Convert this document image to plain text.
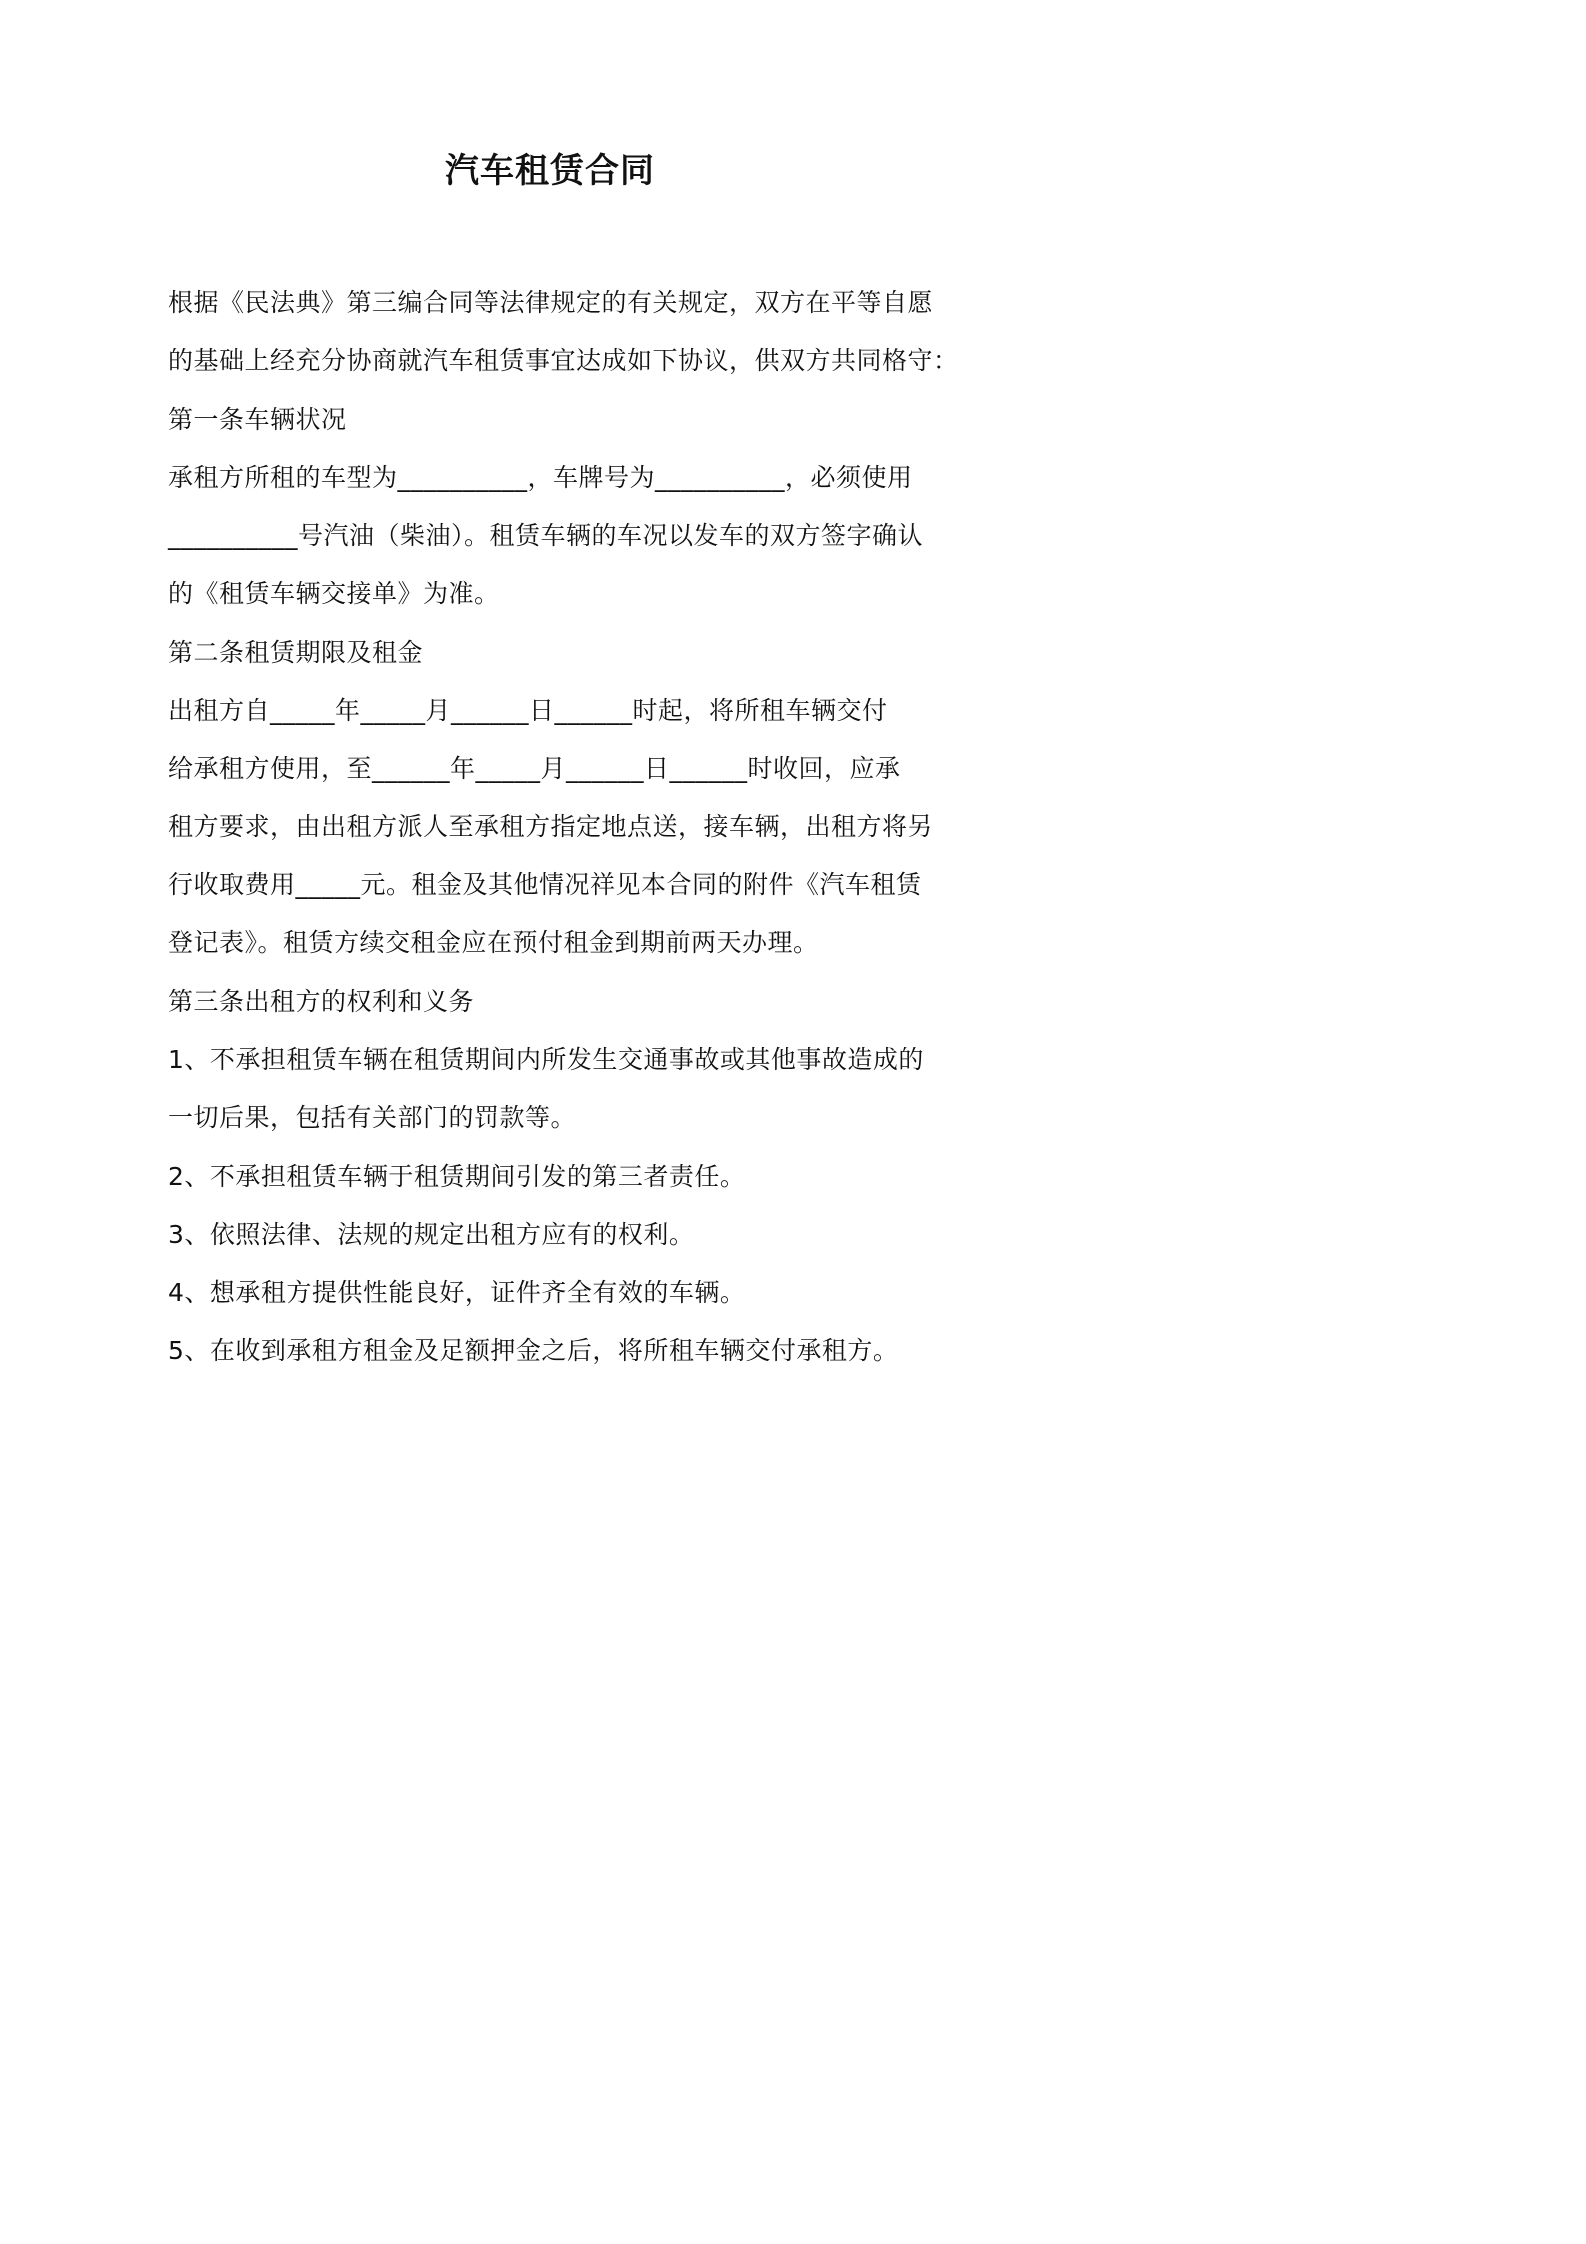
汽车租赁合同
根据《民法典》第三编合同等法律规定的有关规定，双方在平等自愿
的基础上经充分协商就汽车租赁事宜达成如下协议，供双方共同格守：
第一条车辆状况
承租方所租的车型为__________，车牌号为__________，必须使用
__________号汽油（柴油）。租赁车辆的车况以发车的双方签字确认
的《租赁车辆交接单》为准。
第二条租赁期限及租金
出租方自_____年_____月______日______时起，将所租车辆交付
给承租方使用，至______年_____月______日______时收回，应承
租方要求，由出租方派人至承租方指定地点送，接车辆，出租方将另
行收取费用_____元。租金及其他情况祥见本合同的附件《汽车租赁
登记表》。租赁方续交租金应在预付租金到期前两天办理。
第三条出租方的权利和义务
1、不承担租赁车辆在租赁期间内所发生交通事故或其他事故造成的
一切后果，包括有关部门的罚款等。
2、不承担租赁车辆于租赁期间引发的第三者责任。
3、依照法律、法规的规定出租方应有的权利。
4、想承租方提供性能良好，证件齐全有效的车辆。
5、在收到承租方租金及足额押金之后，将所租车辆交付承租方。
